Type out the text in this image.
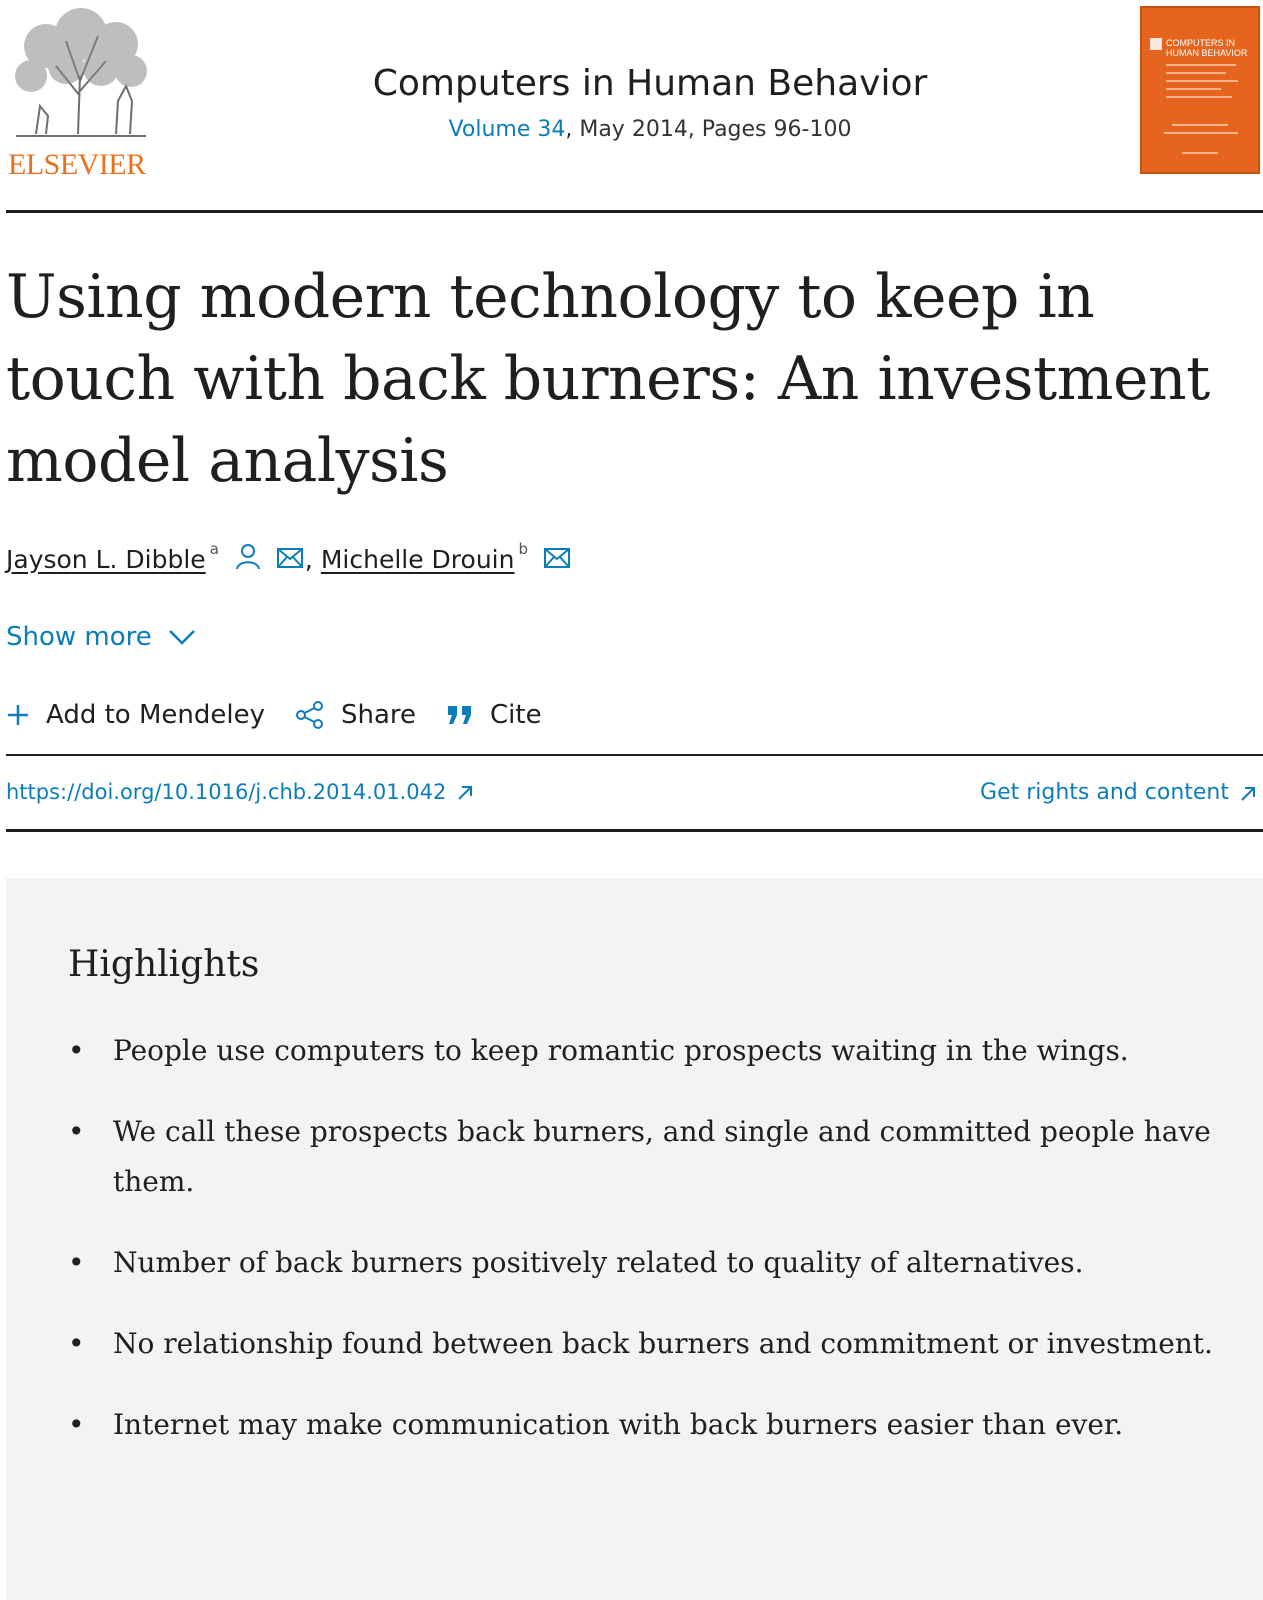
ELSEVIER
Computers in Human Behavior
Volume 34, May 2014, Pages 96-100
COMPUTERS IN HUMAN BEHAVIOR
Using modern technology to keep in touch with back burners: An investment model analysis
Jayson L. Dibble a	, Michelle Drouin b
Show more
Add to Mendeley	Share	Cite
https://doi.org/10.1016/j.chb.2014.01.042	Get rights and content
Highlights
• People use computers to keep romantic prospects waiting in the wings.
• We call these prospects back burners, and single and committed people have them.
• Number of back burners positively related to quality of alternatives.
• No relationship found between back burners and commitment or investment.
• Internet may make communication with back burners easier than ever.
